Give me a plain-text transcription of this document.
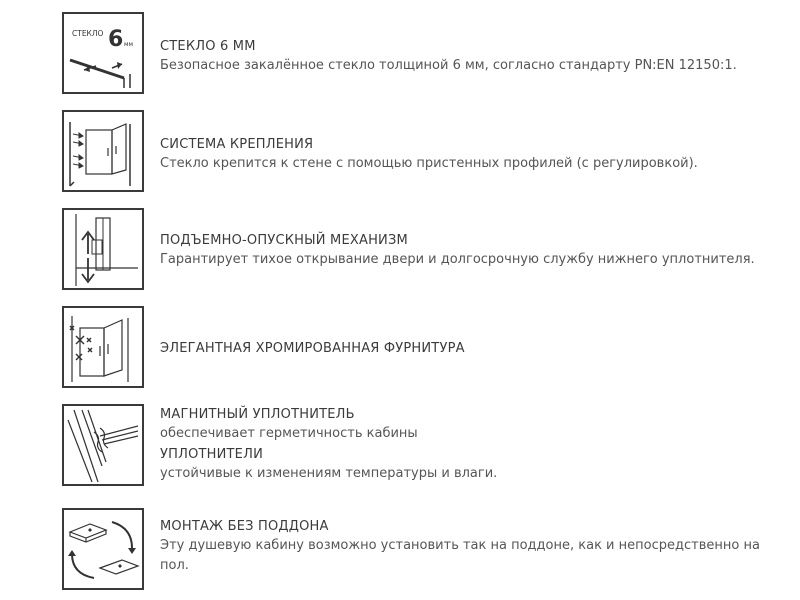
СТЕКЛО 6 мм СТЕКЛО 6 ММ
Безопасное закалённое стекло толщиной 6 мм, согласно стандарту PN:EN 12150:1.
СИСТЕМА КРЕПЛЕНИЯ
Стекло крепится к стене с помощью пристенных профилей (с регулировкой).
ПОДЪЕМНО-ОПУСКНЫЙ МЕХАНИЗМ
Гарантирует тихое открывание двери и долгосрочную службу нижнего уплотнителя.
ЭЛЕГАНТНАЯ ХРОМИРОВАННАЯ ФУРНИТУРА
МАГНИТНЫЙ УПЛОТНИТЕЛЬ
обеспечивает герметичность кабины
УПЛОТНИТЕЛИ
устойчивые к изменениям температуры и влаги.
МОНТАЖ БЕЗ ПОДДОНА
Эту душевую кабину возможно установить так на поддоне, как и непосредственно на
пол.
